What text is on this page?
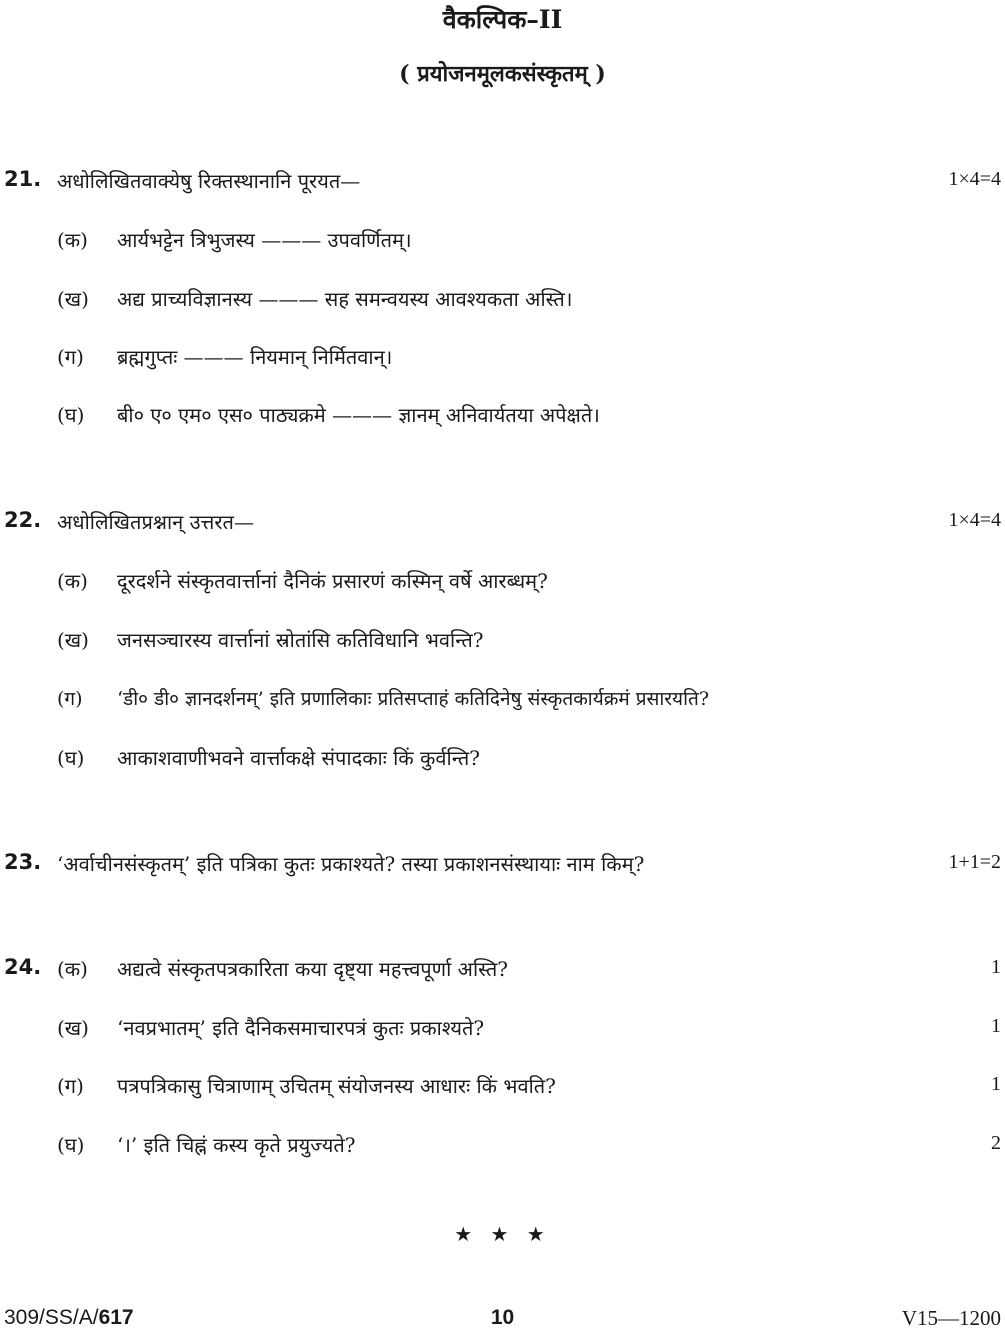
वैकल्पिक–II
( प्रयोजनमूलकसंस्कृतम् )
21. अधोलिखितवाक्येषु रिक्तस्थानानि पूरयत—	1×4=4
(क) आर्यभट्टेन त्रिभुजस्य ——— उपवर्णितम्।
(ख) अद्य प्राच्यविज्ञानस्य ——— सह समन्वयस्य आवश्यकता अस्ति।
(ग) ब्रह्मगुप्तः ——— नियमान् निर्मितवान्।
(घ) बी० ए० एम० एस० पाठ्यक्रमे ——— ज्ञानम् अनिवार्यतया अपेक्षते।
22. अधोलिखितप्रश्नान् उत्तरत—	1×4=4
(क) दूरदर्शने संस्कृतवार्त्तानां दैनिकं प्रसारणं कस्मिन् वर्षे आरब्धम्?
(ख) जनसञ्चारस्य वार्त्तानां स्रोतांसि कतिविधानि भवन्ति?
(ग) ‘डी० डी० ज्ञानदर्शनम्’ इति प्रणालिकाः प्रतिसप्ताहं कतिदिनेषु संस्कृतकार्यक्रमं प्रसारयति?
(घ) आकाशवाणीभवने वार्त्ताकक्षे संपादकाः किं कुर्वन्ति?
23. ‘अर्वाचीनसंस्कृतम्’ इति पत्रिका कुतः प्रकाश्यते? तस्या प्रकाशनसंस्थायाः नाम किम्?	1+1=2
24. (क) अद्यत्वे संस्कृतपत्रकारिता कया दृष्ट्या महत्त्वपूर्णा अस्ति?	1
(ख) ‘नवप्रभातम्’ इति दैनिकसमाचारपत्रं कुतः प्रकाश्यते?	1
(ग) पत्रपत्रिकासु चित्राणाम् उचितम् संयोजनस्य आधारः किं भवति?	1
(घ) ‘।’ इति चिह्नं कस्य कृते प्रयुज्यते?	2
★ ★ ★
309/SS/A/617	10	V15—1200
